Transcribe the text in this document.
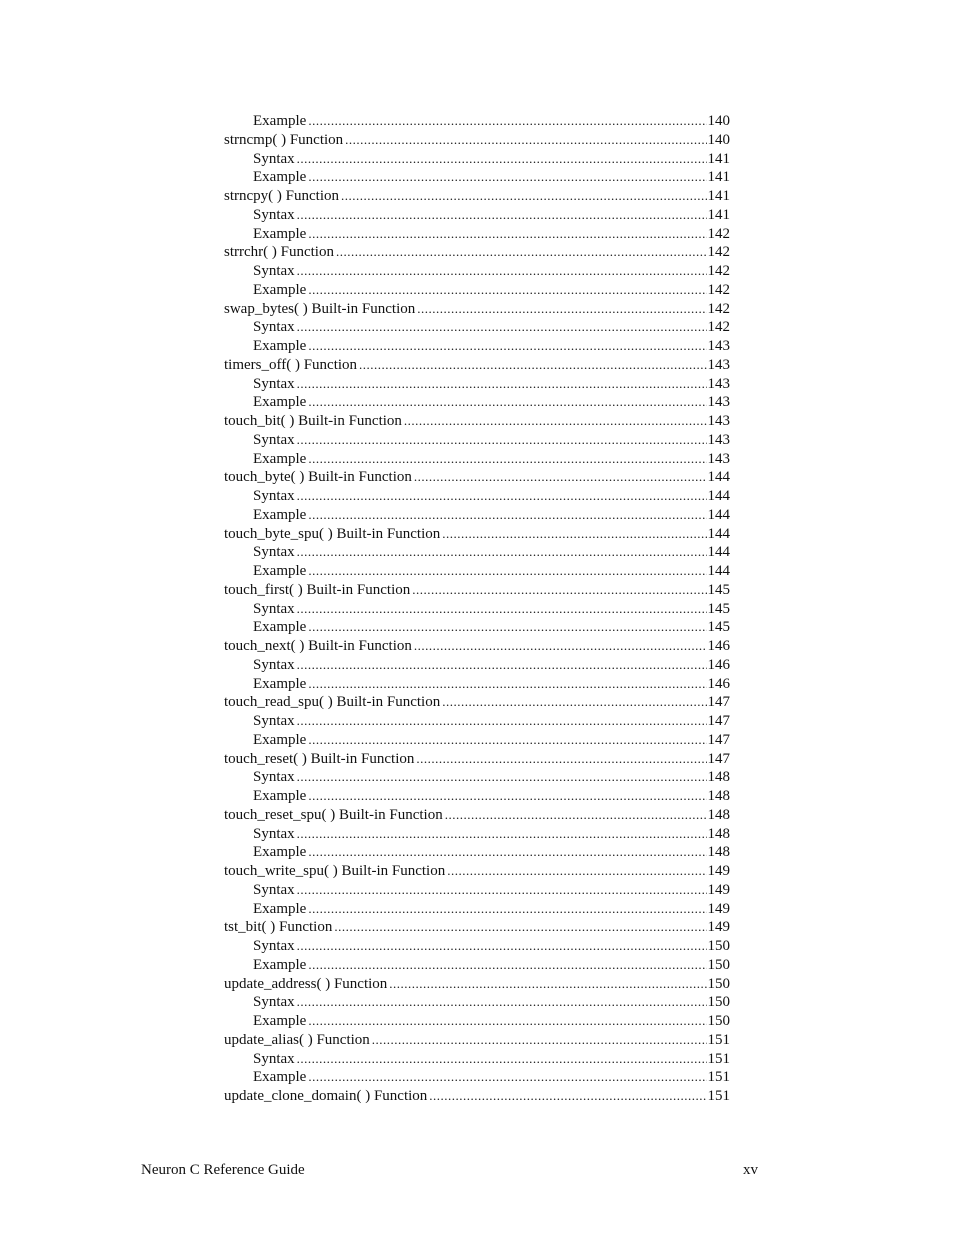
Example .....	140
strncmp( ) Function .....	140
Syntax .....	141
Example .....	141
strncpy( ) Function .....	141
Syntax .....	141
Example .....	142
strrchr( ) Function .....	142
Syntax .....	142
Example .....	142
swap_bytes( ) Built-in Function .....	142
Syntax .....	142
Example .....	143
timers_off( ) Function .....	143
Syntax .....	143
Example .....	143
touch_bit( ) Built-in Function .....	143
Syntax .....	143
Example .....	143
touch_byte( ) Built-in Function .....	144
Syntax .....	144
Example .....	144
touch_byte_spu( ) Built-in Function .....	144
Syntax .....	144
Example .....	144
touch_first( ) Built-in Function .....	145
Syntax .....	145
Example .....	145
touch_next( ) Built-in Function .....	146
Syntax .....	146
Example .....	146
touch_read_spu( ) Built-in Function .....	147
Syntax .....	147
Example .....	147
touch_reset( ) Built-in Function .....	147
Syntax .....	148
Example .....	148
touch_reset_spu( ) Built-in Function .....	148
Syntax .....	148
Example .....	148
touch_write_spu( ) Built-in Function .....	149
Syntax .....	149
Example .....	149
tst_bit( ) Function .....	149
Syntax .....	150
Example .....	150
update_address( ) Function .....	150
Syntax .....	150
Example .....	150
update_alias( ) Function .....	151
Syntax .....	151
Example .....	151
update_clone_domain( ) Function .....	151
Neuron C Reference Guide	xv
